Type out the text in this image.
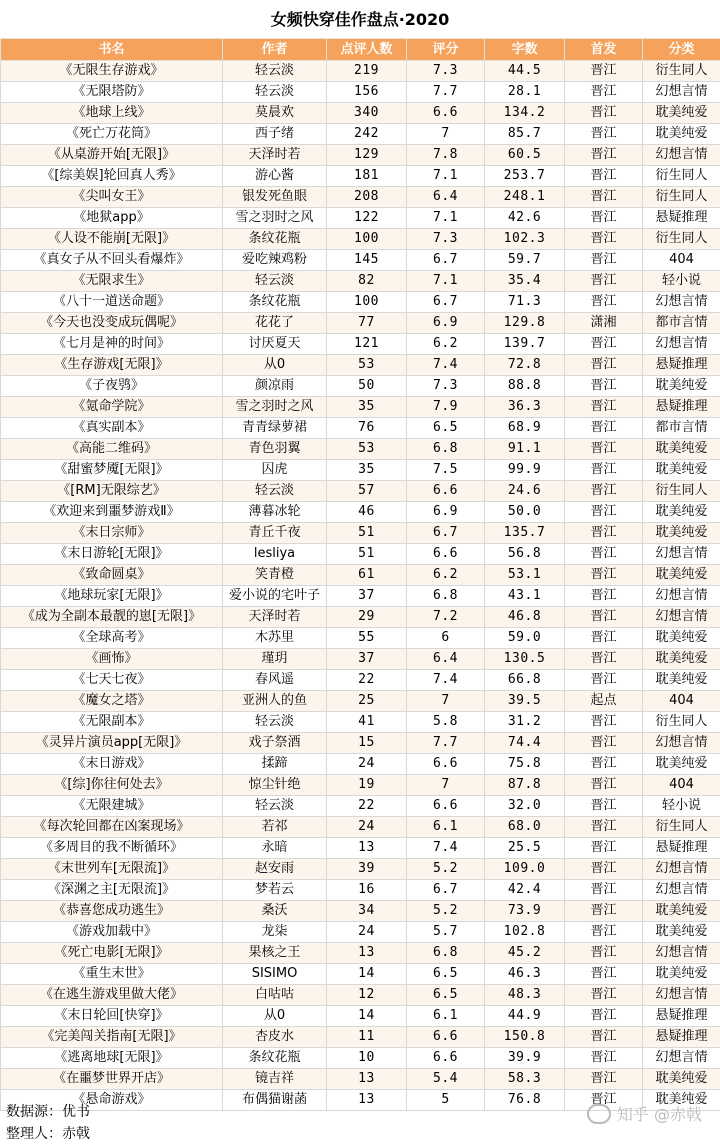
女频快穿佳作盘点·2020
书名	作者	点评人数	评分	字数	首发	分类
《无限生存游戏》	轻云淡	219	7.3	44.5	晋江	衍生同人
《无限塔防》	轻云淡	156	7.7	28.1	晋江	幻想言情
《地球上线》	莫晨欢	340	6.6	134.2	晋江	耽美纯爱
《死亡万花筒》	西子绪	242	7	85.7	晋江	耽美纯爱
《从桌游开始[无限]》	天泽时若	129	7.8	60.5	晋江	幻想言情
《[综美娱]轮回真人秀》	游心酱	181	7.1	253.7	晋江	衍生同人
《尖叫女王》	银发死鱼眼	208	6.4	248.1	晋江	衍生同人
《地狱app》	雪之羽时之风	122	7.1	42.6	晋江	悬疑推理
《人设不能崩[无限]》	条纹花瓶	100	7.3	102.3	晋江	衍生同人
《真女子从不回头看爆炸》	爱吃辣鸡粉	145	6.7	59.7	晋江	404
《无限求生》	轻云淡	82	7.1	35.4	晋江	轻小说
《八十一道送命题》	条纹花瓶	100	6.7	71.3	晋江	幻想言情
《今天也没变成玩偶呢》	花花了	77	6.9	129.8	潇湘	都市言情
《七月是神的时间》	讨厌夏天	121	6.2	139.7	晋江	幻想言情
《生存游戏[无限]》	从0	53	7.4	72.8	晋江	悬疑推理
《子夜鸮》	颜凉雨	50	7.3	88.8	晋江	耽美纯爱
《氪命学院》	雪之羽时之风	35	7.9	36.3	晋江	悬疑推理
《真实副本》	青青绿萝裙	76	6.5	68.9	晋江	都市言情
《高能二维码》	青色羽翼	53	6.8	91.1	晋江	耽美纯爱
《甜蜜梦魇[无限]》	囚虎	35	7.5	99.9	晋江	耽美纯爱
《[RM]无限综艺》	轻云淡	57	6.6	24.6	晋江	衍生同人
《欢迎来到噩梦游戏Ⅱ》	薄暮冰轮	46	6.9	50.0	晋江	耽美纯爱
《末日宗师》	青丘千夜	51	6.7	135.7	晋江	耽美纯爱
《末日游轮[无限]》	lesliya	51	6.6	56.8	晋江	幻想言情
《致命圆桌》	笑青橙	61	6.2	53.1	晋江	耽美纯爱
《地球玩家[无限]》	爱小说的宅叶子	37	6.8	43.1	晋江	幻想言情
《成为全副本最靓的崽[无限]》	天泽时若	29	7.2	46.8	晋江	幻想言情
《全球高考》	木苏里	55	6	59.0	晋江	耽美纯爱
《画怖》	瑾玥	37	6.4	130.5	晋江	耽美纯爱
《七天七夜》	春风遥	22	7.4	66.8	晋江	耽美纯爱
《魔女之塔》	亚洲人的鱼	25	7	39.5	起点	404
《无限副本》	轻云淡	41	5.8	31.2	晋江	衍生同人
《灵异片演员app[无限]》	戏子祭酒	15	7.7	74.4	晋江	幻想言情
《末日游戏》	揉蹄	24	6.6	75.8	晋江	耽美纯爱
《[综]你往何处去》	惊尘针绝	19	7	87.8	晋江	404
《无限建城》	轻云淡	22	6.6	32.0	晋江	轻小说
《每次轮回都在凶案现场》	若祁	24	6.1	68.0	晋江	衍生同人
《多周目的我不断循环》	永暗	13	7.4	25.5	晋江	悬疑推理
《末世列车[无限流]》	赵安雨	39	5.2	109.0	晋江	幻想言情
《深渊之主[无限流]》	梦若云	16	6.7	42.4	晋江	幻想言情
《恭喜您成功逃生》	桑沃	34	5.2	73.9	晋江	耽美纯爱
《游戏加载中》	龙柒	24	5.7	102.8	晋江	耽美纯爱
《死亡电影[无限]》	果核之王	13	6.8	45.2	晋江	幻想言情
《重生末世》	SISIMO	14	6.5	46.3	晋江	耽美纯爱
《在逃生游戏里做大佬》	白咕咕	12	6.5	48.3	晋江	幻想言情
《末日轮回[快穿]》	从0	14	6.1	44.9	晋江	悬疑推理
《完美闯关指南[无限]》	杏皮水	11	6.6	150.8	晋江	悬疑推理
《逃离地球[无限]》	条纹花瓶	10	6.6	39.9	晋江	幻想言情
《在噩梦世界开店》	镜吉祥	13	5.4	58.3	晋江	耽美纯爱
《悬命游戏》	布偶猫谢菡	13	5	76.8	晋江	耽美纯爱
数据源：优书
整理人：赤戟
知乎 @赤戟
